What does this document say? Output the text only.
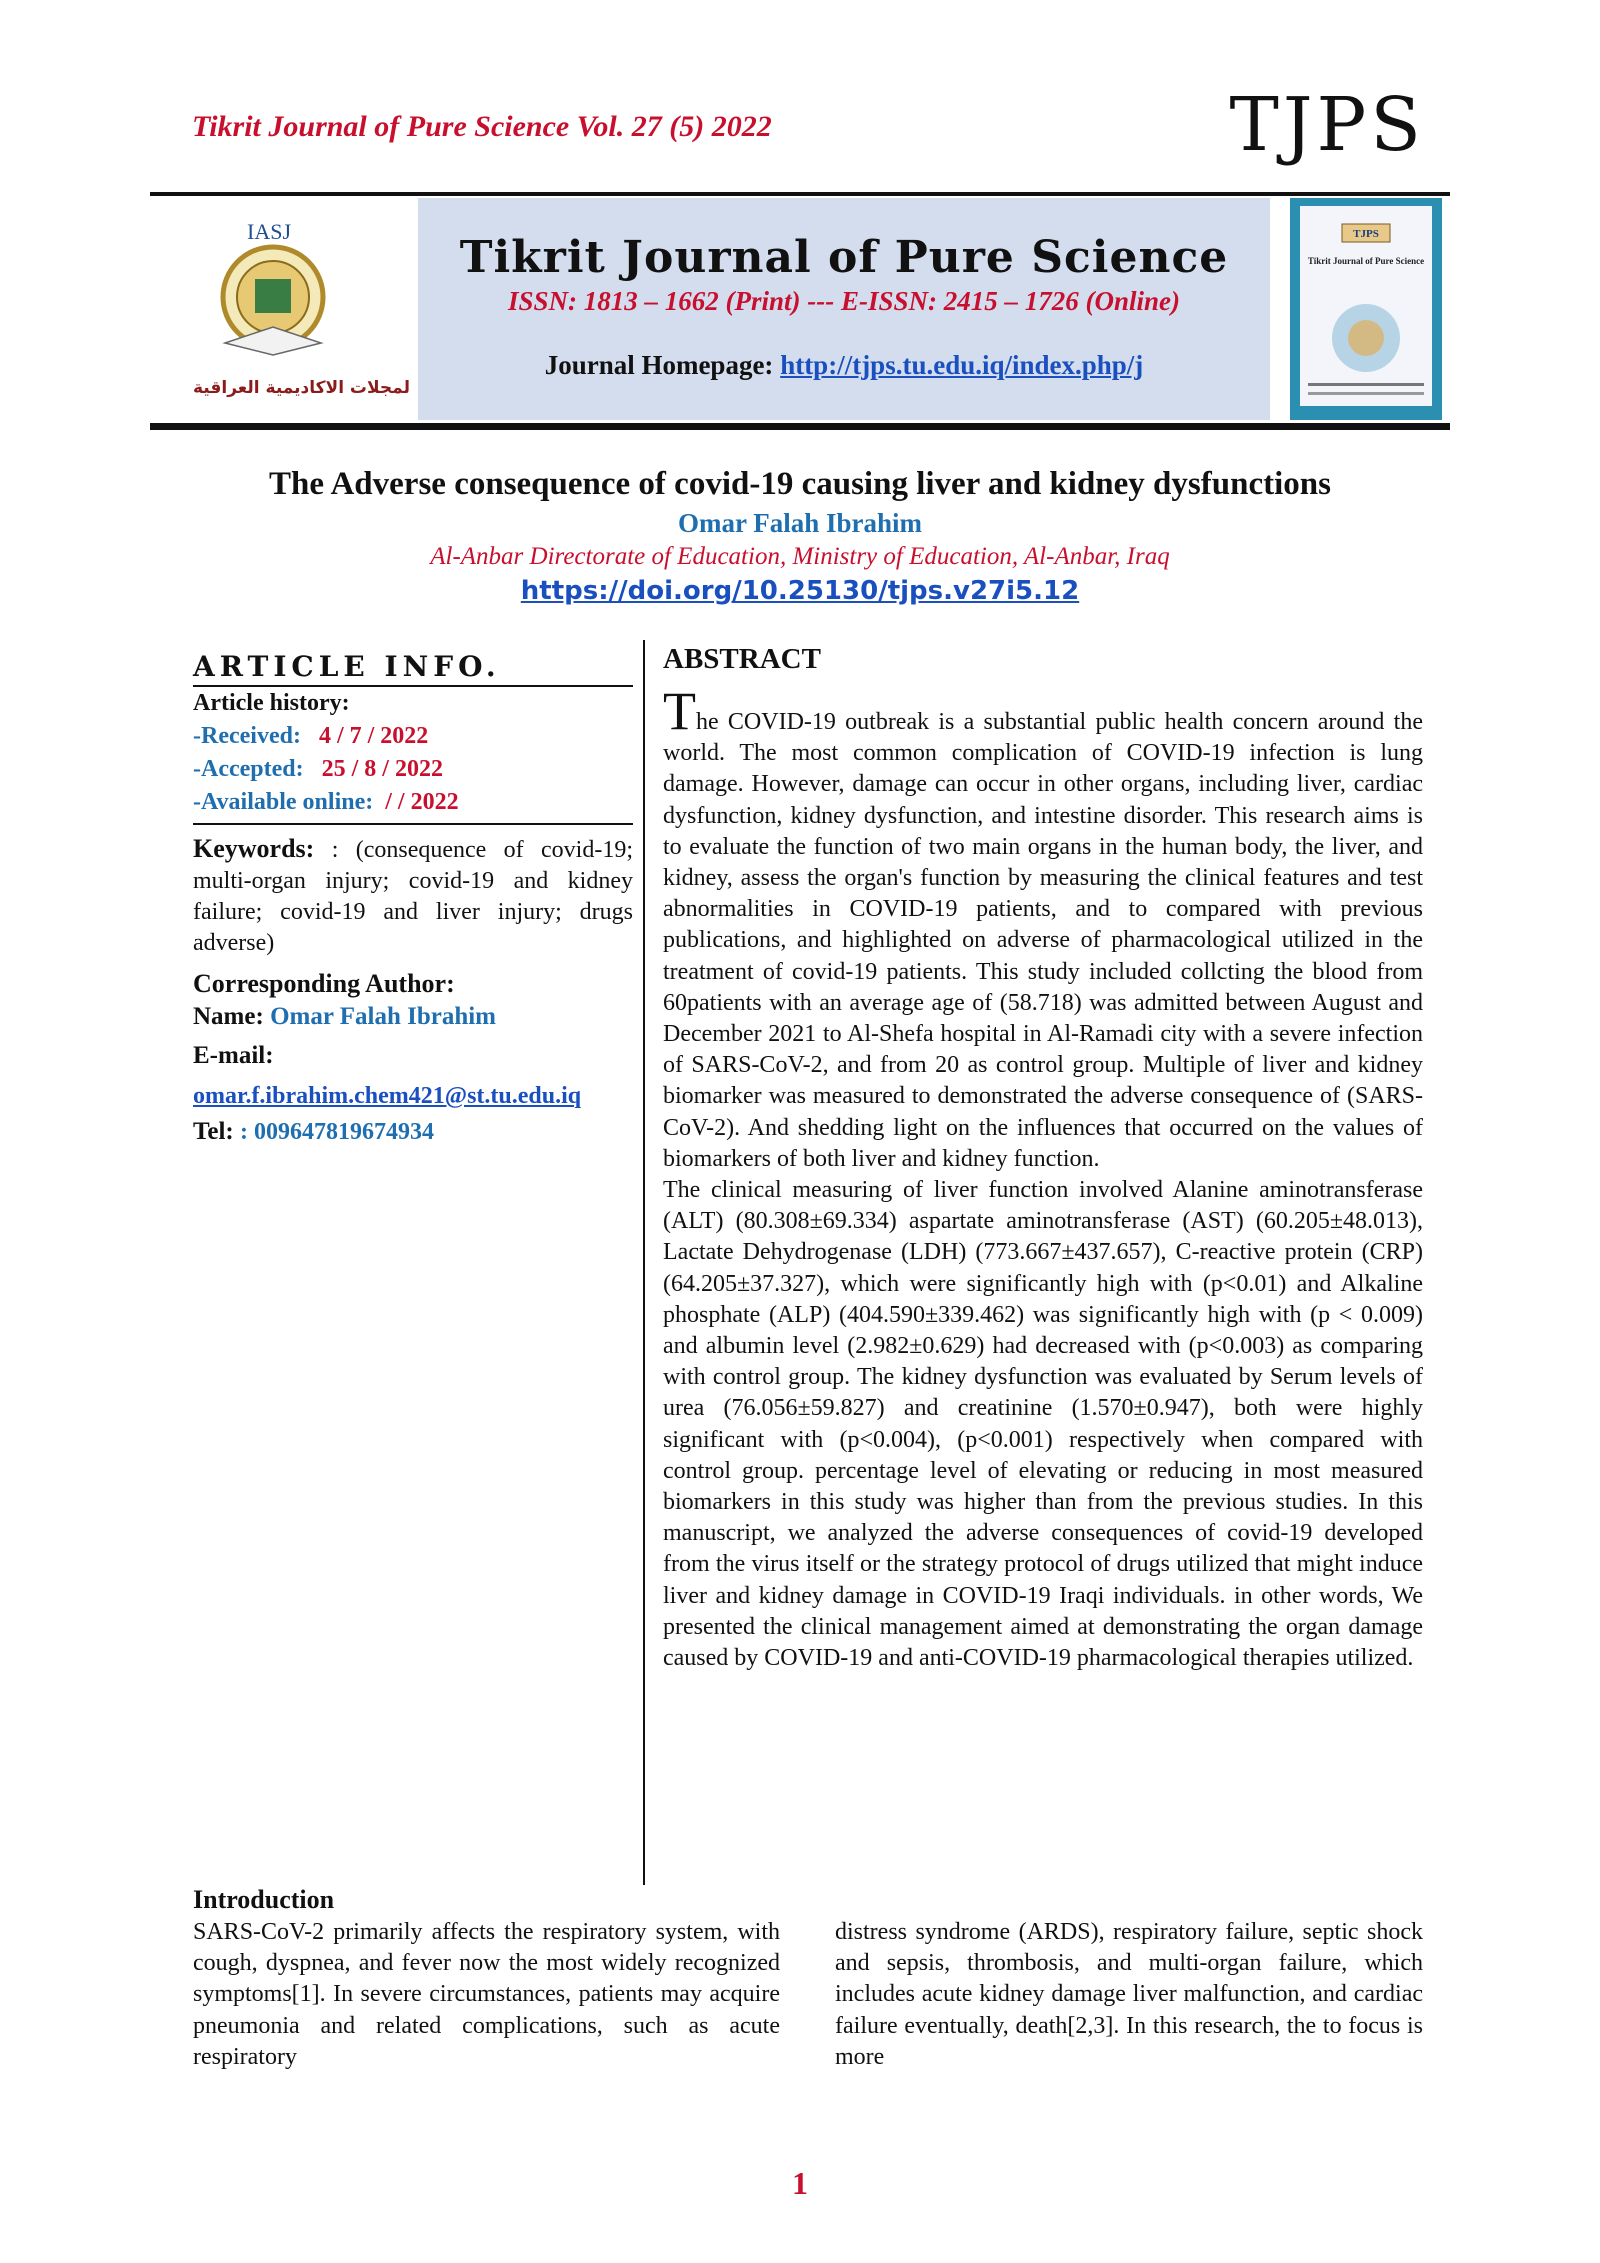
Tikrit Journal of Pure Science Vol. 27 (5) 2022	TJPS
IASJ
المجلات الاكاديمية العراقية
Tikrit Journal of Pure Science
ISSN: 1813 – 1662 (Print) --- E-ISSN: 2415 – 1726 (Online)
Journal Homepage: http://tjps.tu.edu.iq/index.php/j
TJPS
Tikrit Journal of Pure Science
The Adverse consequence of covid-19 causing liver and kidney dysfunctions
Omar Falah Ibrahim
Al-Anbar Directorate of Education, Ministry of Education, Al-Anbar, Iraq
https://doi.org/10.25130/tjps.v27i5.12
ARTICLE INFO.

Article history:

-Received: 4 / 7 / 2022

-Accepted: 25 / 8 / 2022

-Available online:  / / 2022

Keywords: : (consequence of covid-19; multi-organ injury; covid-19 and kidney failure; covid-19 and liver injury; drugs adverse)

Corresponding Author:

Name: Omar Falah Ibrahim

E-mail:

omar.f.ibrahim.chem421@st.tu.edu.iq

Tel: : 009647819674934

ABSTRACT

The COVID-19 outbreak is a substantial public health concern around the world. The most common complication of COVID-19 infection is lung damage. However, damage can occur in other organs, including liver, cardiac dysfunction, kidney dysfunction, and intestine disorder. This research aims is to evaluate the function of two main organs in the human body, the liver, and kidney, assess the organ's function by measuring the clinical features and test abnormalities in COVID-19 patients, and to compared with previous publications, and highlighted on adverse of pharmacological utilized in the treatment of covid-19 patients. This study included collcting the blood from 60patients with an average age of (58.718) was admitted between August and December 2021 to Al-Shefa hospital in Al-Ramadi city with a severe infection of SARS-CoV-2, and from 20 as control group. Multiple of liver and kidney biomarker was measured to demonstrated the adverse consequence of (SARS-CoV-2). And shedding light on the influences that occurred on the values of biomarkers of both liver and kidney function.

The clinical measuring of liver function involved Alanine aminotransferase (ALT) (80.308±69.334) aspartate aminotransferase (AST) (60.205±48.013), Lactate Dehydrogenase (LDH) (773.667±437.657), C-reactive protein (CRP) (64.205±37.327), which were significantly high with (p<0.01) and Alkaline phosphate (ALP) (404.590±339.462) was significantly high with (p < 0.009) and albumin level (2.982±0.629) had decreased with (p<0.003) as comparing with control group. The kidney dysfunction was evaluated by Serum levels of urea (76.056±59.827) and creatinine (1.570±0.947), both were highly significant with (p<0.004), (p<0.001) respectively when compared with control group. percentage level of elevating or reducing in most measured biomarkers in this study was higher than from the previous studies. In this manuscript, we analyzed the adverse consequences of covid-19 developed from the virus itself or the strategy protocol of drugs utilized that might induce liver and kidney damage in COVID-19 Iraqi individuals. in other words, We presented the clinical management aimed at demonstrating the organ damage caused by COVID-19 and anti-COVID-19 pharmacological therapies utilized.

Introduction
SARS-CoV-2 primarily affects the respiratory system, with cough, dyspnea, and fever now the most widely recognized symptoms[1]. In severe circumstances, patients may acquire pneumonia and related complications, such as acute respiratory
distress syndrome (ARDS), respiratory failure, septic shock and sepsis, thrombosis, and multi-organ failure, which includes acute kidney damage liver malfunction, and cardiac failure eventually, death[2,3]. In this research, the to focus is more
1
